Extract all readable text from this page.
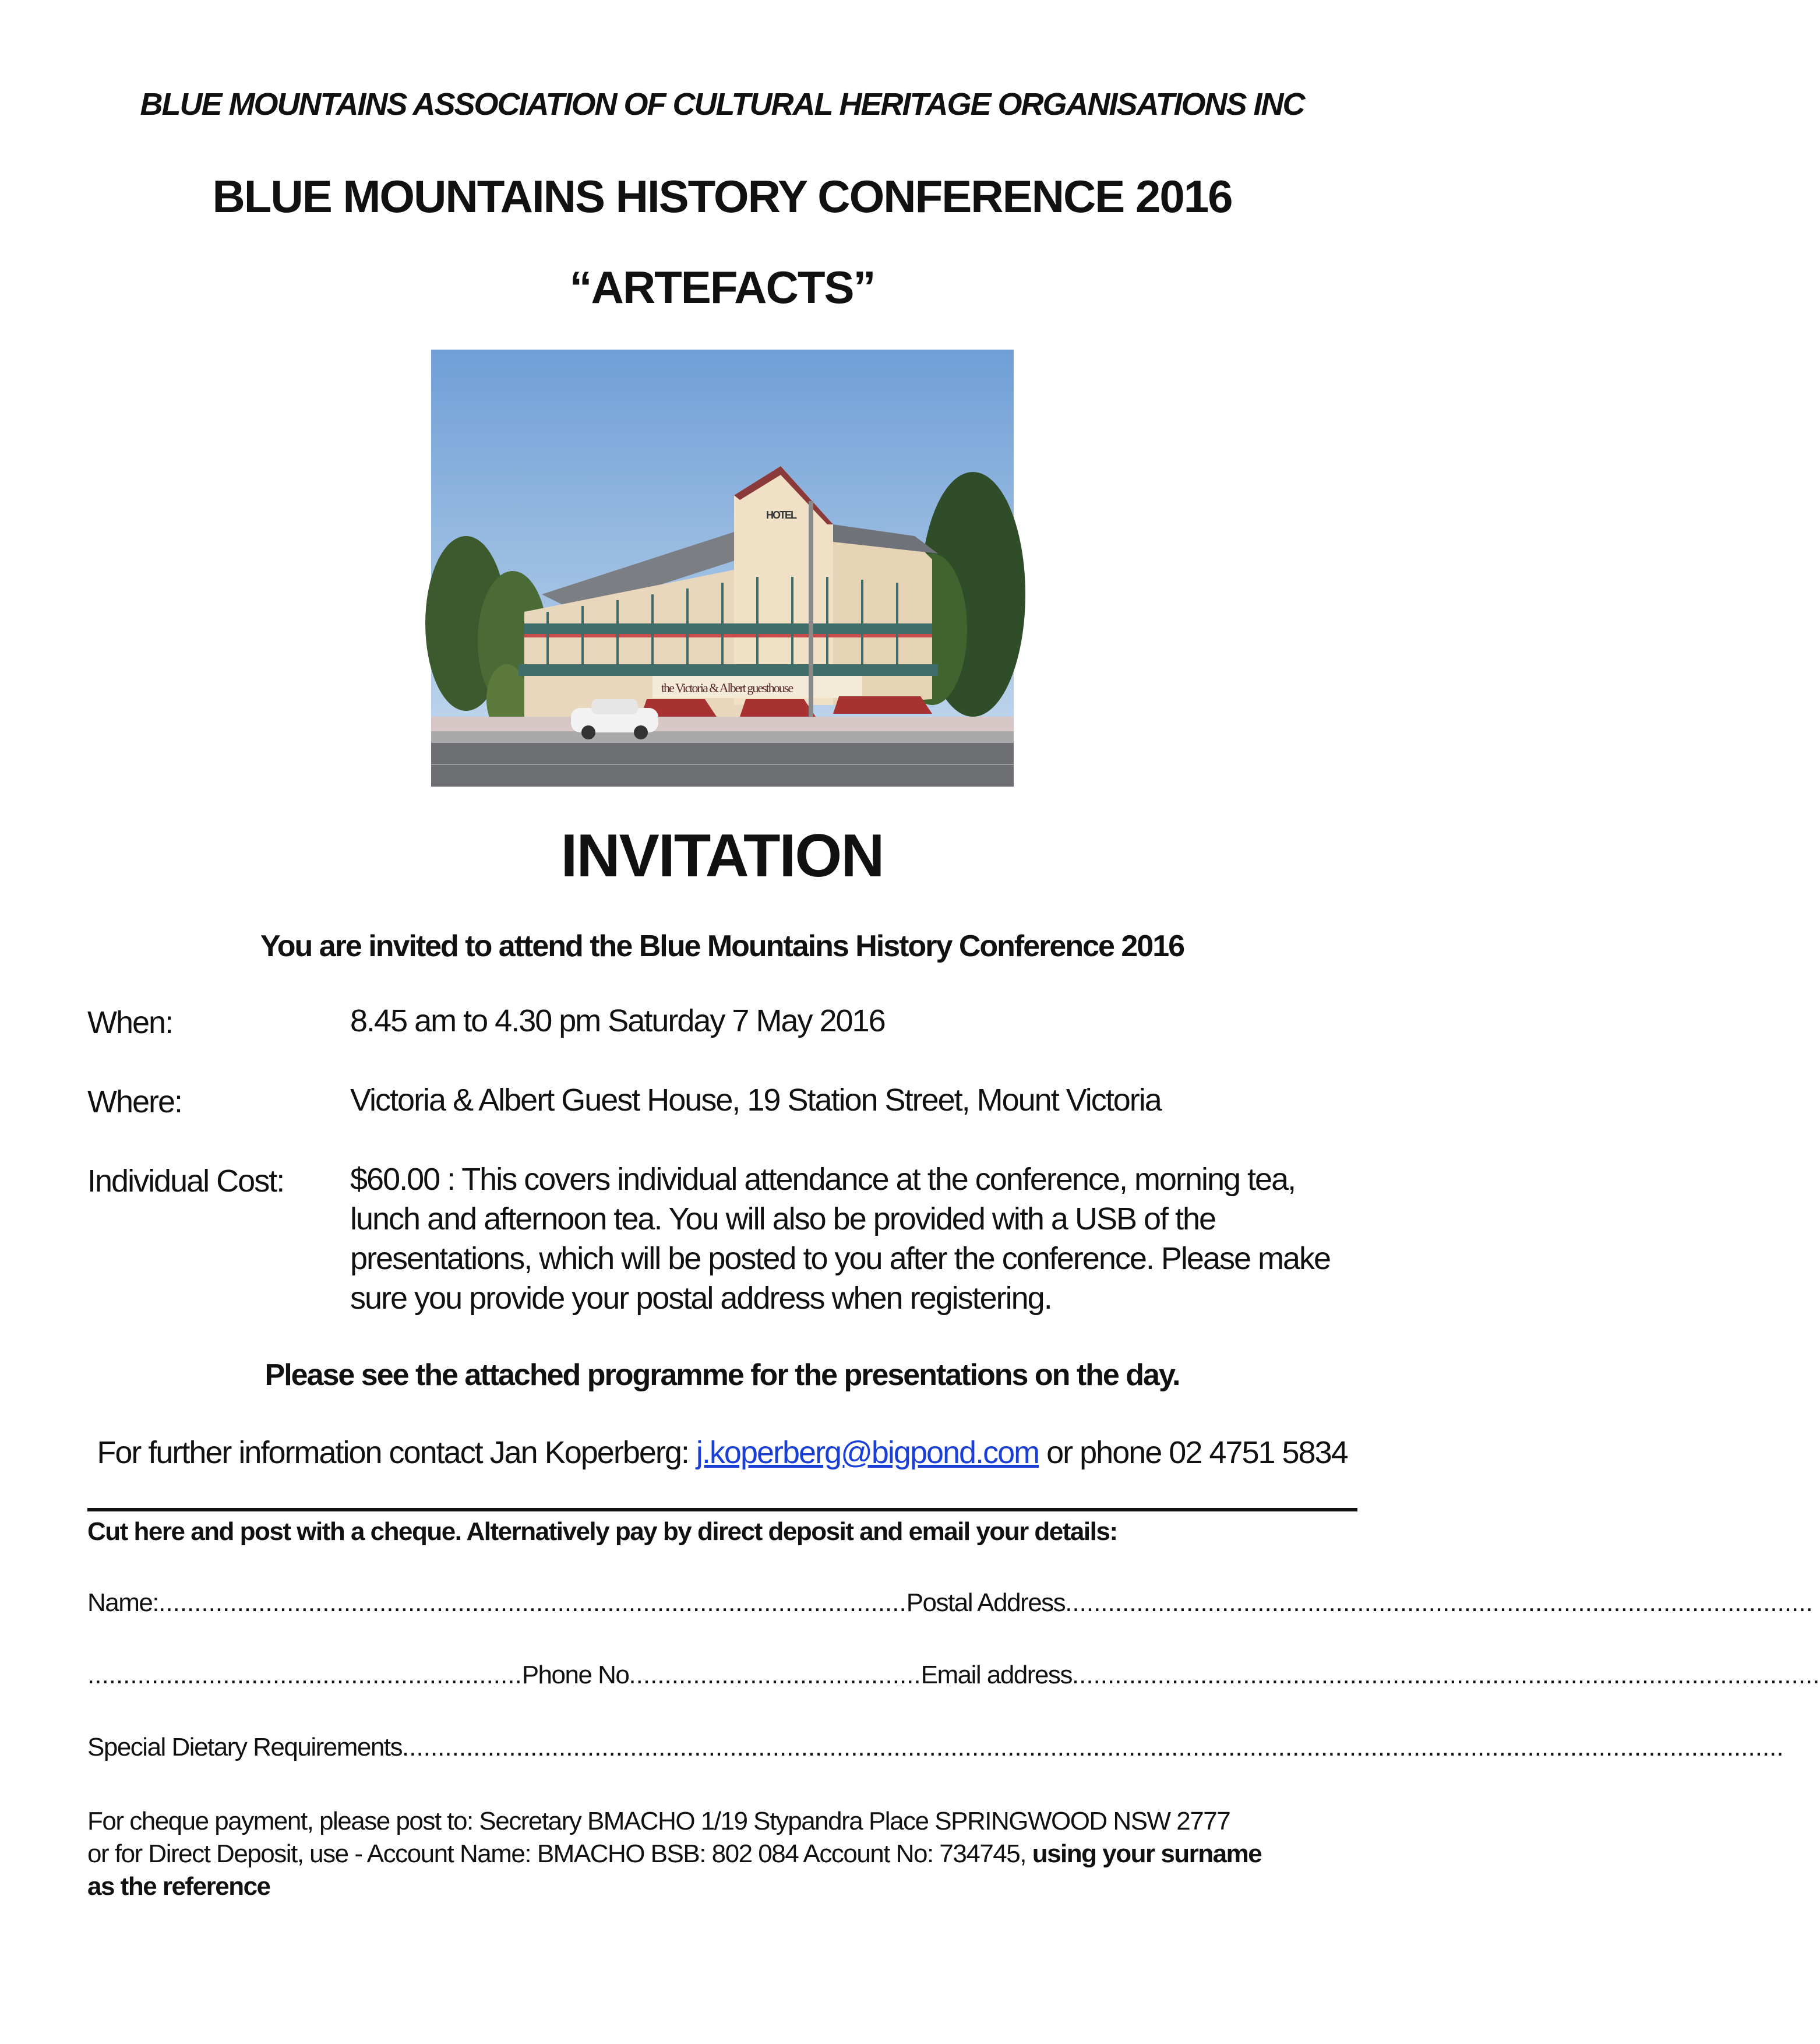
BLUE MOUNTAINS ASSOCIATION OF CULTURAL HERITAGE ORGANISATIONS INC
BLUE MOUNTAINS HISTORY CONFERENCE 2016
“ARTEFACTS”
HOTEL
the Victoria & Albert guesthouse
INVITATION
You are invited to attend the Blue Mountains History Conference 2016
When:	8.45 am to 4.30 pm Saturday 7 May 2016
Where:	Victoria & Albert Guest House, 19 Station Street, Mount Victoria
Individual Cost: $60.00 : This covers individual attendance at the conference, morning tea, lunch and afternoon tea. You will also be provided with a USB of the presentations, which will be posted to you after the conference. Please make sure you provide your postal address when registering.
Please see the attached programme for the presentations on the day.
For further information contact Jan Koperberg: j.koperberg@bigpond.com or phone 02 4751 5834
Cut here and post with a cheque. Alternatively pay by direct deposit and email your details:
Name:.........................................................................................................Postal Address.........................................................................................................
.............................................................Phone No.........................................Email address.........................................................................................................
Special Dietary Requirements..................................................................................................................................................................................................
For cheque payment, please post to: Secretary BMACHO 1/19 Stypandra Place SPRINGWOOD NSW 2777
or for Direct Deposit, use - Account Name: BMACHO BSB: 802 084 Account No: 734745, using your surname
as the reference
